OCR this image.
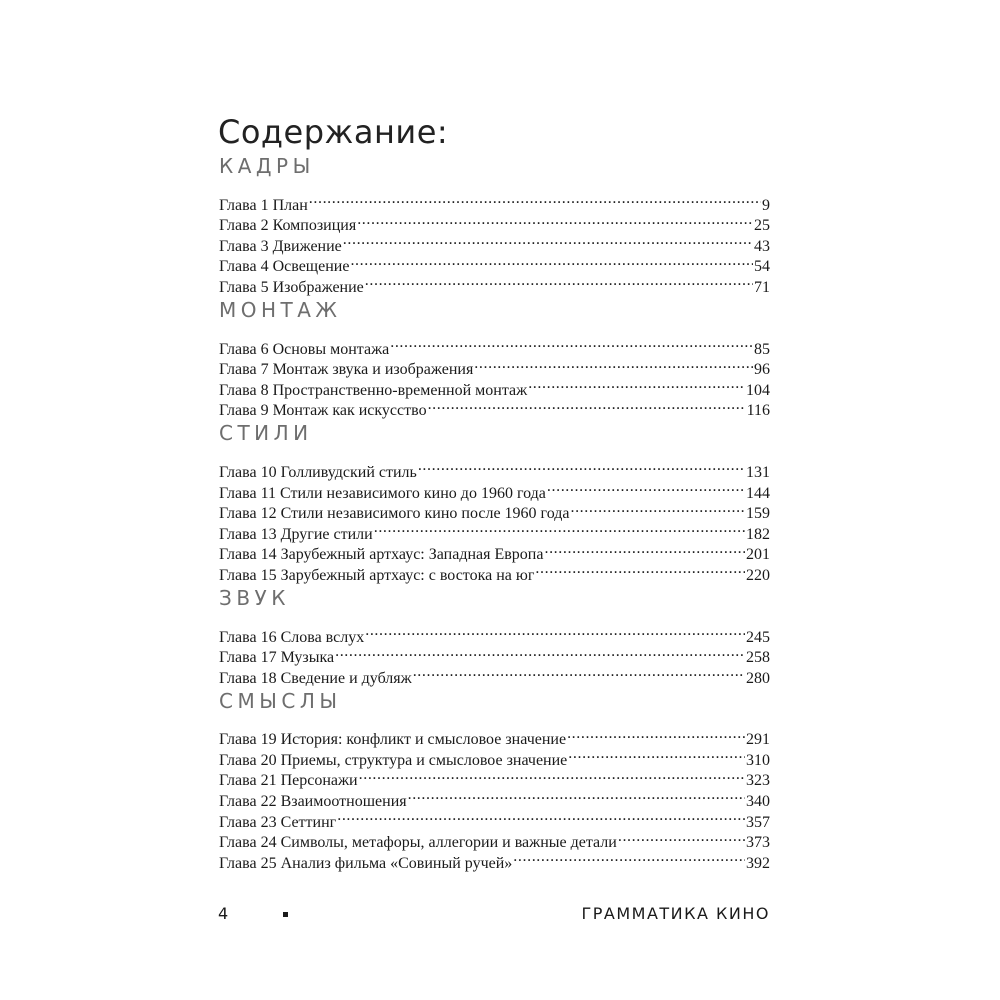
Содержание:
КАДРЫ
Глава 1 План .....	9
Глава 2 Композиция .....	25
Глава 3 Движение .....	43
Глава 4 Освещение .....	54
Глава 5 Изображение .....	71
МОНТАЖ
Глава 6 Основы монтажа .....	85
Глава 7 Монтаж звука и изображения .....	96
Глава 8 Пространственно-временной монтаж .....	104
Глава 9 Монтаж как искусство .....	116
СТИЛИ
Глава 10 Голливудский стиль .....	131
Глава 11 Стили независимого кино до 1960 года .....	144
Глава 12 Стили независимого кино после 1960 года .....	159
Глава 13 Другие стили .....	182
Глава 14 Зарубежный артхаус: Западная Европа .....	201
Глава 15 Зарубежный артхаус: с востока на юг .....	220
ЗВУК
Глава 16 Слова вслух .....	245
Глава 17 Музыка .....	258
Глава 18 Сведение и дубляж .....	280
СМЫСЛЫ
Глава 19 История: конфликт и смысловое значение .....	291
Глава 20 Приемы, структура и смысловое значение .....	310
Глава 21 Персонажи .....	323
Глава 22 Взаимоотношения .....	340
Глава 23 Сеттинг .....	357
Глава 24 Символы, метафоры, аллегории и важные детали .....	373
Глава 25 Анализ фильма «Совиный ручей» .....	392
4	ГРАММАТИКА КИНО
